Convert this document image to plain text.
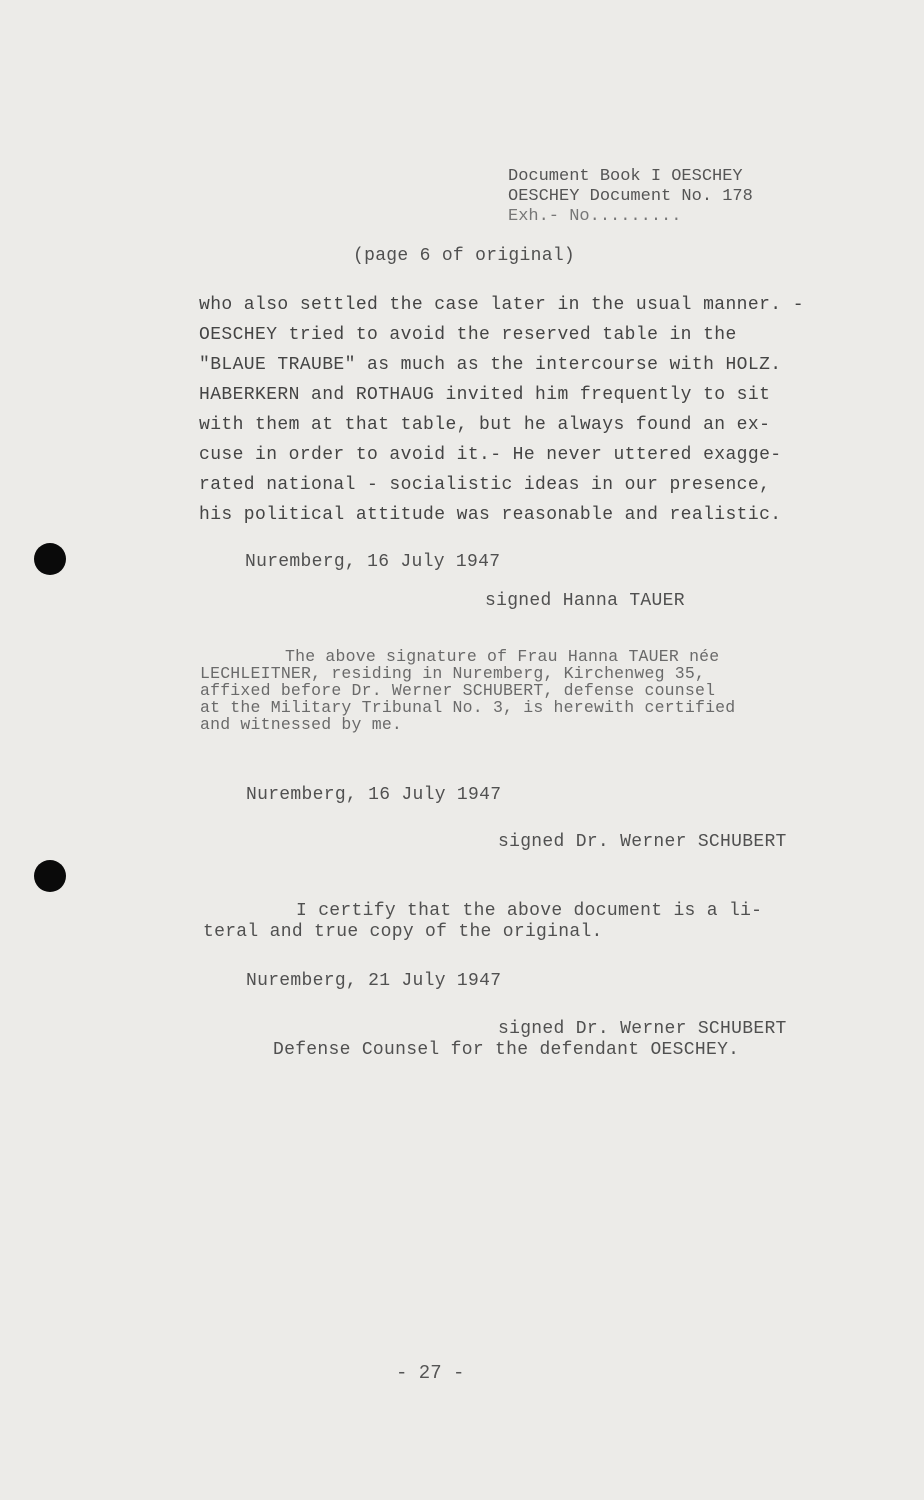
Document Book I OESCHEY
OESCHEY Document No. 178
Exh.- No.........
(page 6 of original)
who also settled the case later in the usual manner. -
OESCHEY tried to avoid the reserved table in the
"BLAUE TRAUBE" as much as the intercourse with HOLZ.
HABERKERN and ROTHAUG invited him frequently to sit
with them at that table, but he always found an ex-
cuse in order to avoid it.- He never uttered exagge-
rated national - socialistic ideas in our presence,
his political attitude was reasonable and realistic.
Nuremberg, 16 July 1947
signed Hanna TAUER
The above signature of Frau Hanna TAUER née
LECHLEITNER, residing in Nuremberg, Kirchenweg 35,
affixed before Dr. Werner SCHUBERT, defense counsel
at the Military Tribunal No. 3, is herewith certified
and witnessed by me.
Nuremberg, 16 July 1947
signed Dr. Werner SCHUBERT
I certify that the above document is a li-
teral and true copy of the original.
Nuremberg, 21 July 1947
signed Dr. Werner SCHUBERT
Defense Counsel for the defendant OESCHEY.
- 27 -
